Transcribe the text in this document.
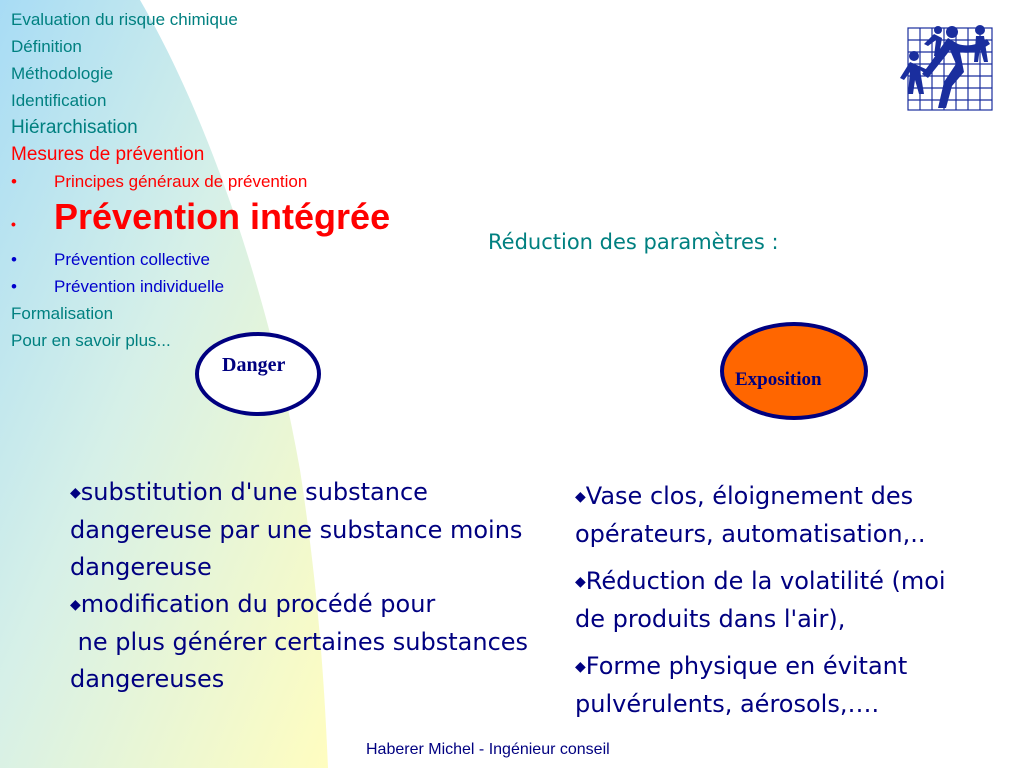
Evaluation du risque chimique
Définition
Méthodologie
Identification
Hiérarchisation
Mesures de prévention
•	Principes généraux de prévention
•	Prévention intégrée
•	Prévention collective
•	Prévention individuelle
Formalisation
Pour en savoir plus...
Réduction des paramètres :
Danger
Exposition

◆substitution d'une substance dangereuse par une substance moins dangereuse

◆modification du procédé pour

ne plus générer certaines substances dangereuses

◆Vase clos, éloignement des
opérateurs, automatisation,..

◆Réduction de la volatilité (moi
de produits dans l'air),

◆Forme physique en évitant
pulvérulents, aérosols,….

Haberer Michel - Ingénieur conseil
